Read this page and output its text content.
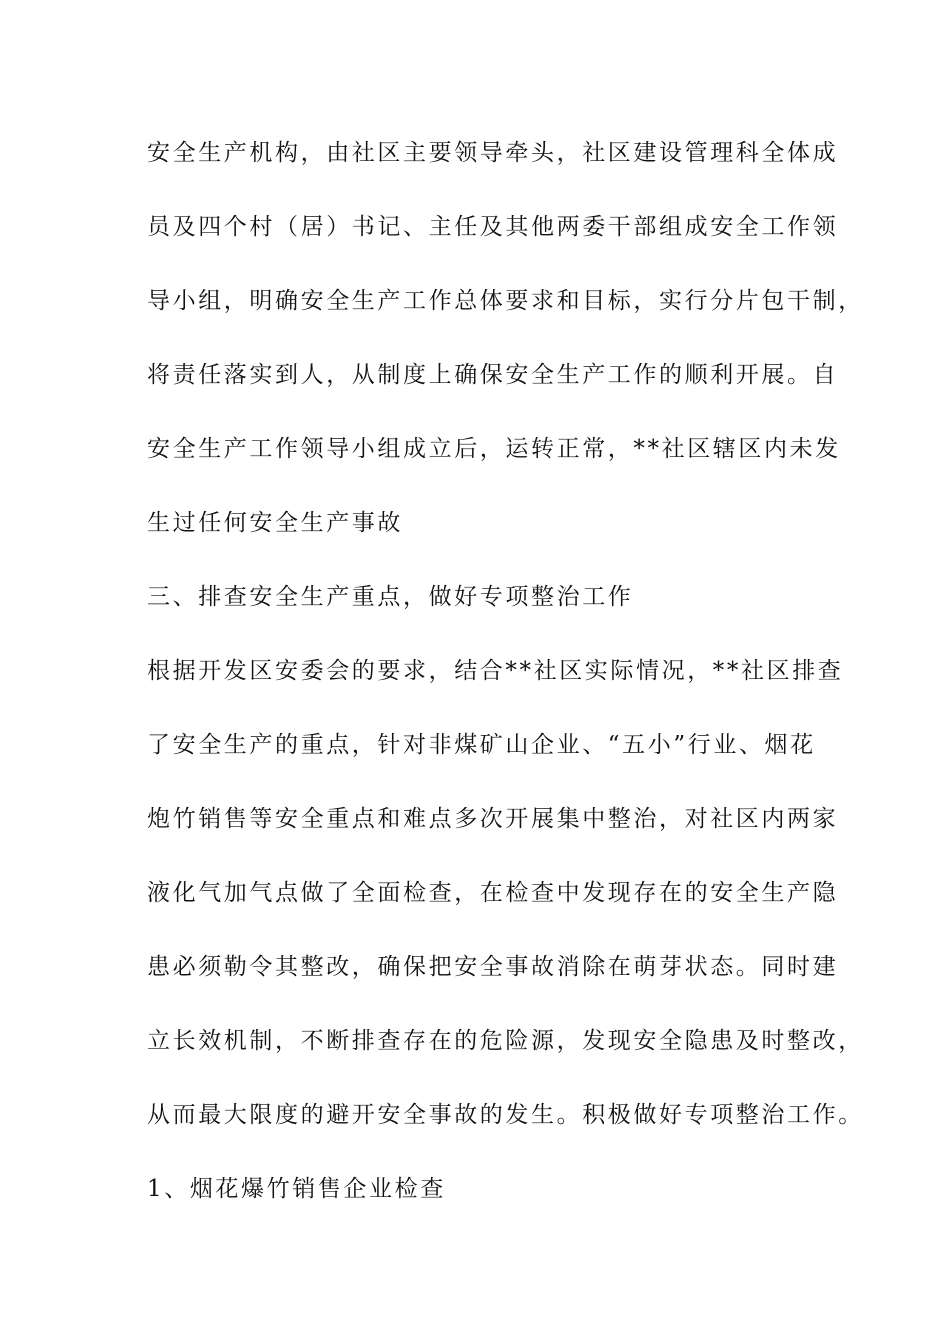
安全生产机构，由社区主要领导牵头，社区建设管理科全体成
员及四个村（居）书记、主任及其他两委干部组成安全工作领
导小组，明确安全生产工作总体要求和目标，实行分片包干制，
将责任落实到人，从制度上确保安全生产工作的顺利开展。自
安全生产工作领导小组成立后，运转正常，**社区辖区内未发
生过任何安全生产事故
三、排查安全生产重点，做好专项整治工作
根据开发区安委会的要求，结合**社区实际情况，**社区排查
了安全生产的重点，针对非煤矿山企业、“五小”行业、烟花
炮竹销售等安全重点和难点多次开展集中整治，对社区内两家
液化气加气点做了全面检查，在检查中发现存在的安全生产隐
患必须勒令其整改，确保把安全事故消除在萌芽状态。同时建
立长效机制，不断排查存在的危险源，发现安全隐患及时整改，
从而最大限度的避开安全事故的发生。积极做好专项整治工作。
1、烟花爆竹销售企业检查
